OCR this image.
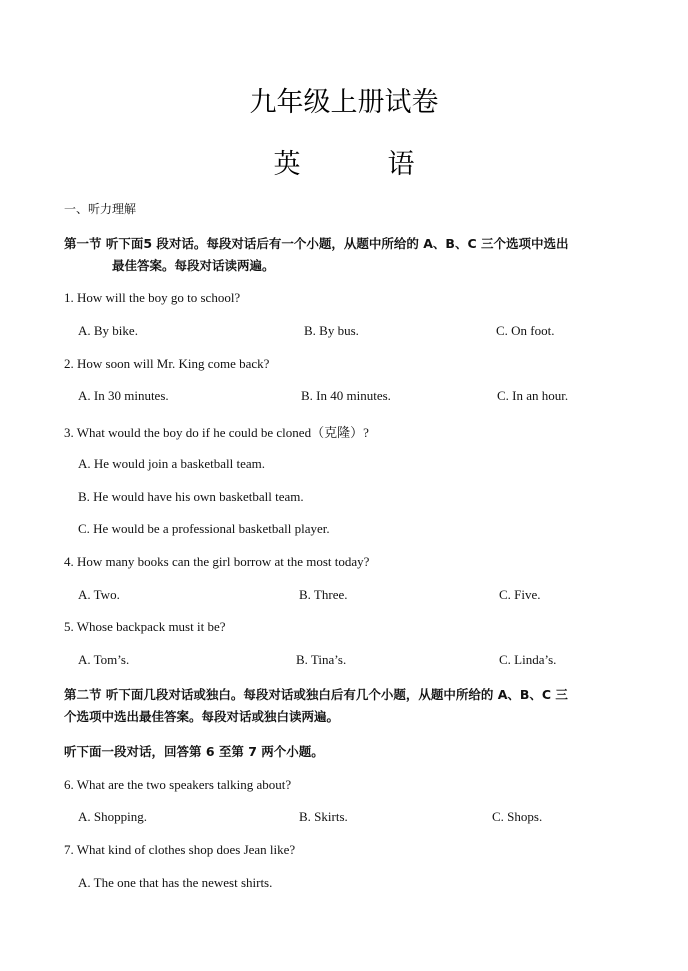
九年级上册试卷
英　语
一、听力理解
第一节 听下面5 段对话。每段对话后有一个小题，从题中所给的 A、B、C 三个选项中选出
最佳答案。每段对话读两遍。
1. How will the boy go to school?
A. By bike.	B. By bus.	C. On foot.
2. How soon will Mr. King come back?
A. In 30 minutes.	B. In 40 minutes.	C. In an hour.
3. What would the boy do if he could be cloned（克隆）?
A. He would join a basketball team.
B. He would have his own basketball team.
C. He would be a professional basketball player.
4. How many books can the girl borrow at the most today?
A. Two.	B. Three.	C. Five.
5. Whose backpack must it be?
A. Tom’s.	B. Tina’s.	C. Linda’s.
第二节 听下面几段对话或独白。每段对话或独白后有几个小题，从题中所给的 A、B、C 三
个选项中选出最佳答案。每段对话或独白读两遍。
听下面一段对话，回答第 6 至第 7 两个小题。
6. What are the two speakers talking about?
A. Shopping.	B. Skirts.	C. Shops.
7. What kind of clothes shop does Jean like?
A. The one that has the newest shirts.
